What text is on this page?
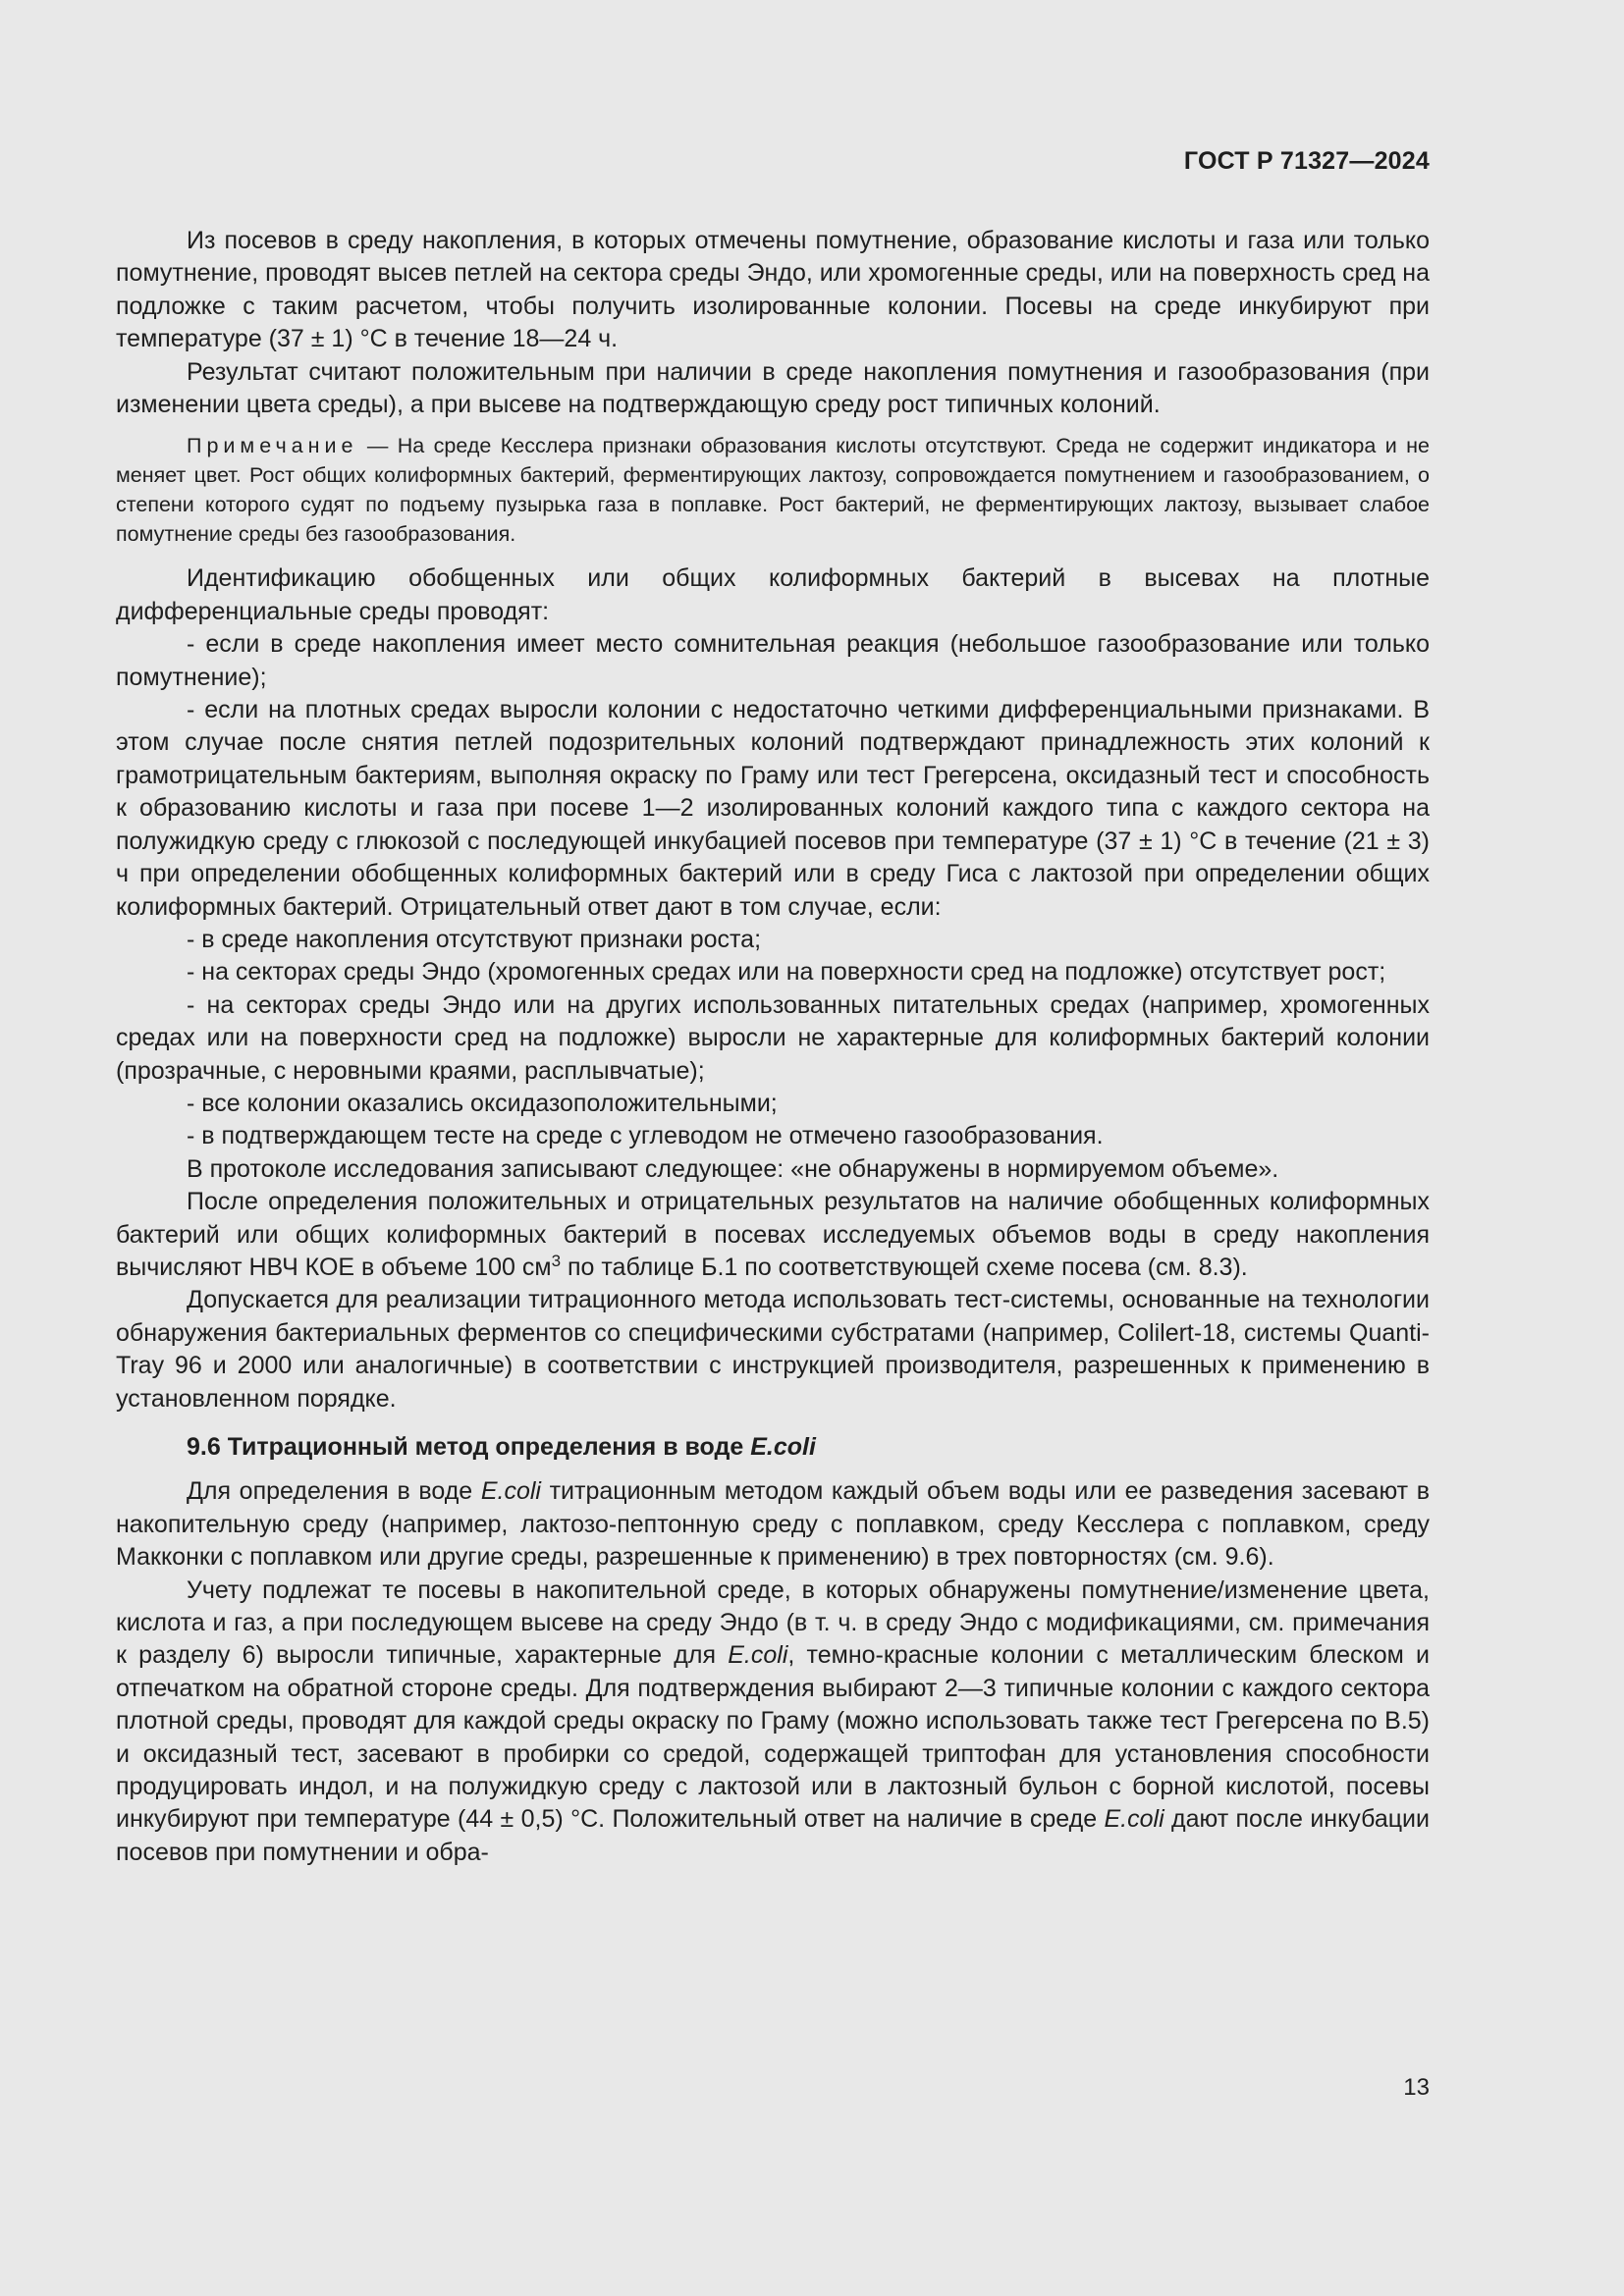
ГОСТ Р 71327—2024

Из посевов в среду накопления, в которых отмечены помутнение, образование кислоты и газа или только помутнение, проводят высев петлей на сектора среды Эндо, или хромогенные среды, или на поверхность сред на подложке с таким расчетом, чтобы получить изолированные колонии. Посевы на среде инкубируют при температуре (37 ± 1) °С в течение 18—24 ч.

Результат считают положительным при наличии в среде накопления помутнения и газообразования (при изменении цвета среды), а при высеве на подтверждающую среду рост типичных колоний.

Примечание — На среде Кесслера признаки образования кислоты отсутствуют. Среда не содержит индикатора и не меняет цвет. Рост общих колиформных бактерий, ферментирующих лактозу, сопровождается помутнением и газообразованием, о степени которого судят по подъему пузырька газа в поплавке. Рост бактерий, не ферментирующих лактозу, вызывает слабое помутнение среды без газообразования.

Идентификацию обобщенных или общих колиформных бактерий в высевах на плотные дифференциальные среды проводят:

- если в среде накопления имеет место сомнительная реакция (небольшое газообразование или только помутнение);

- если на плотных средах выросли колонии с недостаточно четкими дифференциальными признаками. В этом случае после снятия петлей подозрительных колоний подтверждают принадлежность этих колоний к грамотрицательным бактериям, выполняя окраску по Граму или тест Грегерсена, оксидазный тест и способность к образованию кислоты и газа при посеве 1—2 изолированных колоний каждого типа с каждого сектора на полужидкую среду с глюкозой с последующей инкубацией посевов при температуре (37 ± 1) °С в течение (21 ± 3) ч при определении обобщенных колиформных бактерий или в среду Гиса с лактозой при определении общих колиформных бактерий. Отрицательный ответ дают в том случае, если:

- в среде накопления отсутствуют признаки роста;

- на секторах среды Эндо (хромогенных средах или на поверхности сред на подложке) отсутствует рост;

- на секторах среды Эндо или на других использованных питательных средах (например, хромогенных средах или на поверхности сред на подложке) выросли не характерные для колиформных бактерий колонии (прозрачные, с неровными краями, расплывчатые);

- все колонии оказались оксидазоположительными;

- в подтверждающем тесте на среде с углеводом не отмечено газообразования.

В протоколе исследования записывают следующее: «не обнаружены в нормируемом объеме».

После определения положительных и отрицательных результатов на наличие обобщенных колиформных бактерий или общих колиформных бактерий в посевах исследуемых объемов воды в среду накопления вычисляют НВЧ КОЕ в объеме 100 $см^3$ по таблице Б.1 по соответствующей схеме посева (см. 8.3).

Допускается для реализации титрационного метода использовать тест-системы, основанные на технологии обнаружения бактериальных ферментов со специфическими субстратами (например, Colilert-18, системы Quanti-Tray 96 и 2000 или аналогичные) в соответствии с инструкцией производителя, разрешенных к применению в установленном порядке.

9.6 Титрационный метод определения в воде E.coli

Для определения в воде E.coli титрационным методом каждый объем воды или ее разведения засевают в накопительную среду (например, лактозо-пептонную среду с поплавком, среду Кесслера с поплавком, среду Макконки с поплавком или другие среды, разрешенные к применению) в трех повторностях (см. 9.6).

Учету подлежат те посевы в накопительной среде, в которых обнаружены помутнение/изменение цвета, кислота и газ, а при последующем высеве на среду Эндо (в т. ч. в среду Эндо с модификациями, см. примечания к разделу 6) выросли типичные, характерные для E.coli, темно-красные колонии с металлическим блеском и отпечатком на обратной стороне среды. Для подтверждения выбирают 2—3 типичные колонии с каждого сектора плотной среды, проводят для каждой среды окраску по Граму (можно использовать также тест Грегерсена по В.5) и оксидазный тест, засевают в пробирки со средой, содержащей триптофан для установления способности продуцировать индол, и на полужидкую среду с лактозой или в лактозный бульон с борной кислотой, посевы инкубируют при температуре (44 ± 0,5) °С. Положительный ответ на наличие в среде E.coli дают после инкубации посевов при помутнении и обра-

13
